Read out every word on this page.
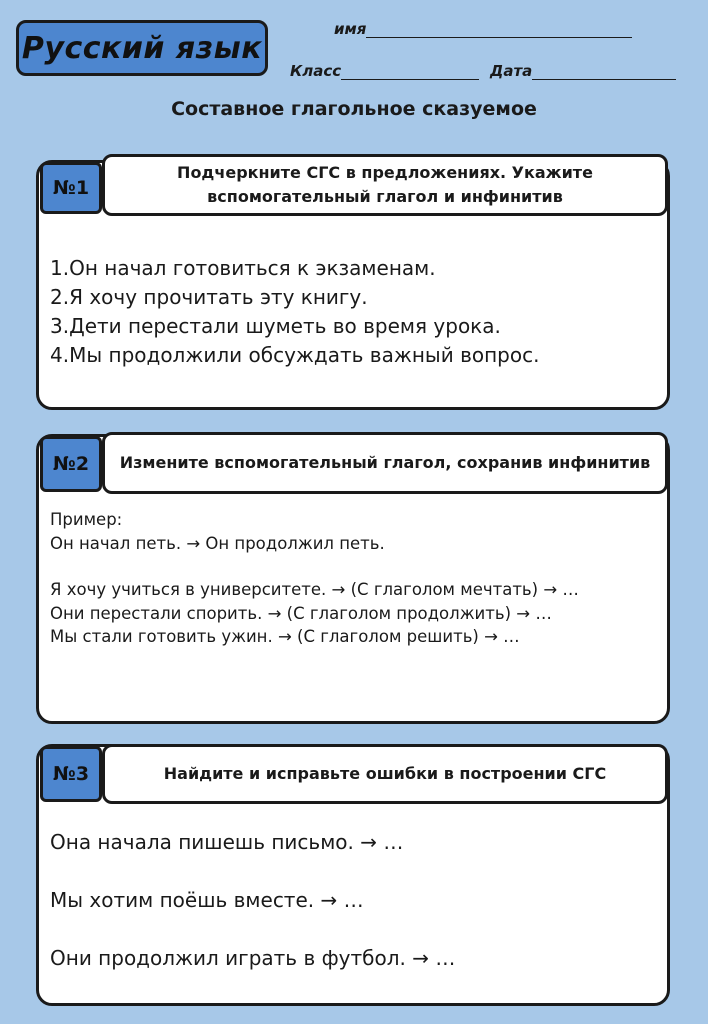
Русский язык
имя
Класс	Дата
Составное глагольное сказуемое
№1
Подчеркните СГС в предложениях. Укажите вспомогательный глагол и инфинитив

1.Он начал готовиться к экзаменам.

2.Я хочу прочитать эту книгу.

3.Дети перестали шуметь во время урока.

4.Мы продолжили обсуждать важный вопрос.

№2	Измените вспомогательный глагол, сохранив инфинитив

Пример:

Он начал петь. → Он продолжил петь.

Я хочу учиться в университете. → (С глаголом мечтать) → …

Они перестали спорить. → (С глаголом продолжить) → …

Мы стали готовить ужин. → (С глаголом решить) → …

№3	Найдите и исправьте ошибки в построении СГС

Она начала пишешь письмо. → …

Мы хотим поёшь вместе. → …

Они продолжил играть в футбол. → …
